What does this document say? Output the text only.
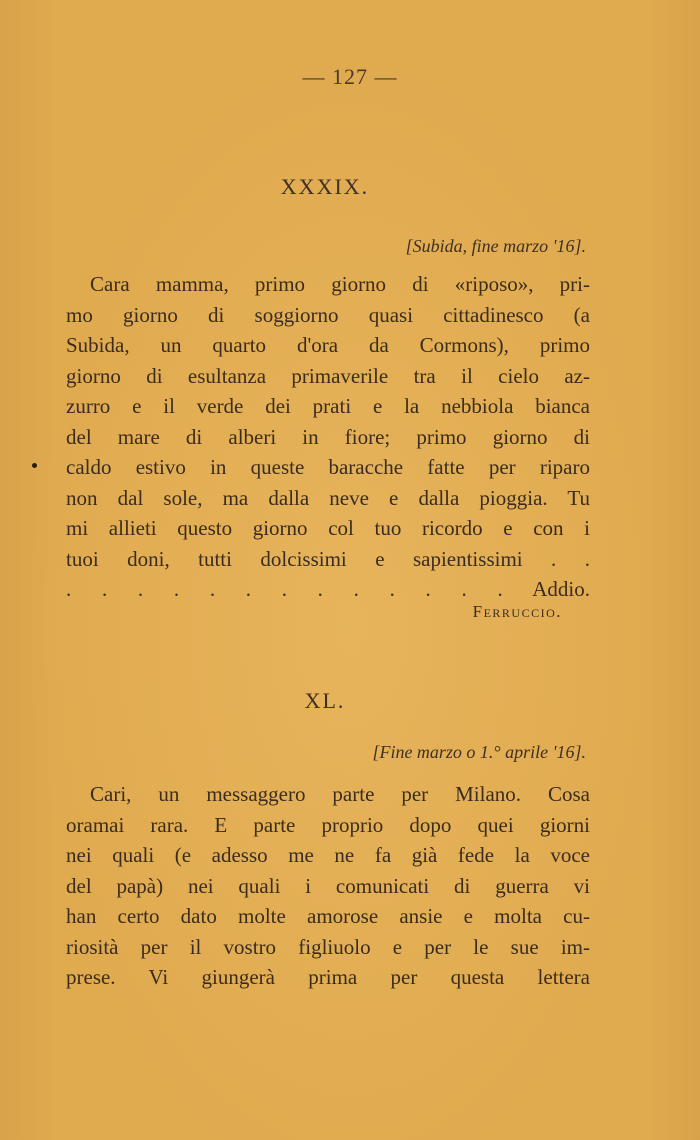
— 127 —
XXXIX.
[Subida, fine marzo '16].
Cara mamma, primo giorno di «riposo», pri-
mo giorno di soggiorno quasi cittadinesco (a
Subida, un quarto d'ora da Cormons), primo
giorno di esultanza primaverile tra il cielo az-
zurro e il verde dei prati e la nebbiola bianca
del mare di alberi in fiore; primo giorno di
caldo estivo in queste baracche fatte per riparo
non dal sole, ma dalla neve e dalla pioggia. Tu
mi allieti questo giorno col tuo ricordo e con i
tuoi doni, tutti dolcissimi e sapientissimi . .
. . . . . . . . . . . . . Addio.
Ferruccio.
XL.
[Fine marzo o 1.° aprile '16].
Cari, un messaggero parte per Milano. Cosa
oramai rara. E parte proprio dopo quei giorni
nei quali (e adesso me ne fa già fede la voce
del papà) nei quali i comunicati di guerra vi
han certo dato molte amorose ansie e molta cu-
riosità per il vostro figliuolo e per le sue im-
prese. Vi giungerà prima per questa lettera
